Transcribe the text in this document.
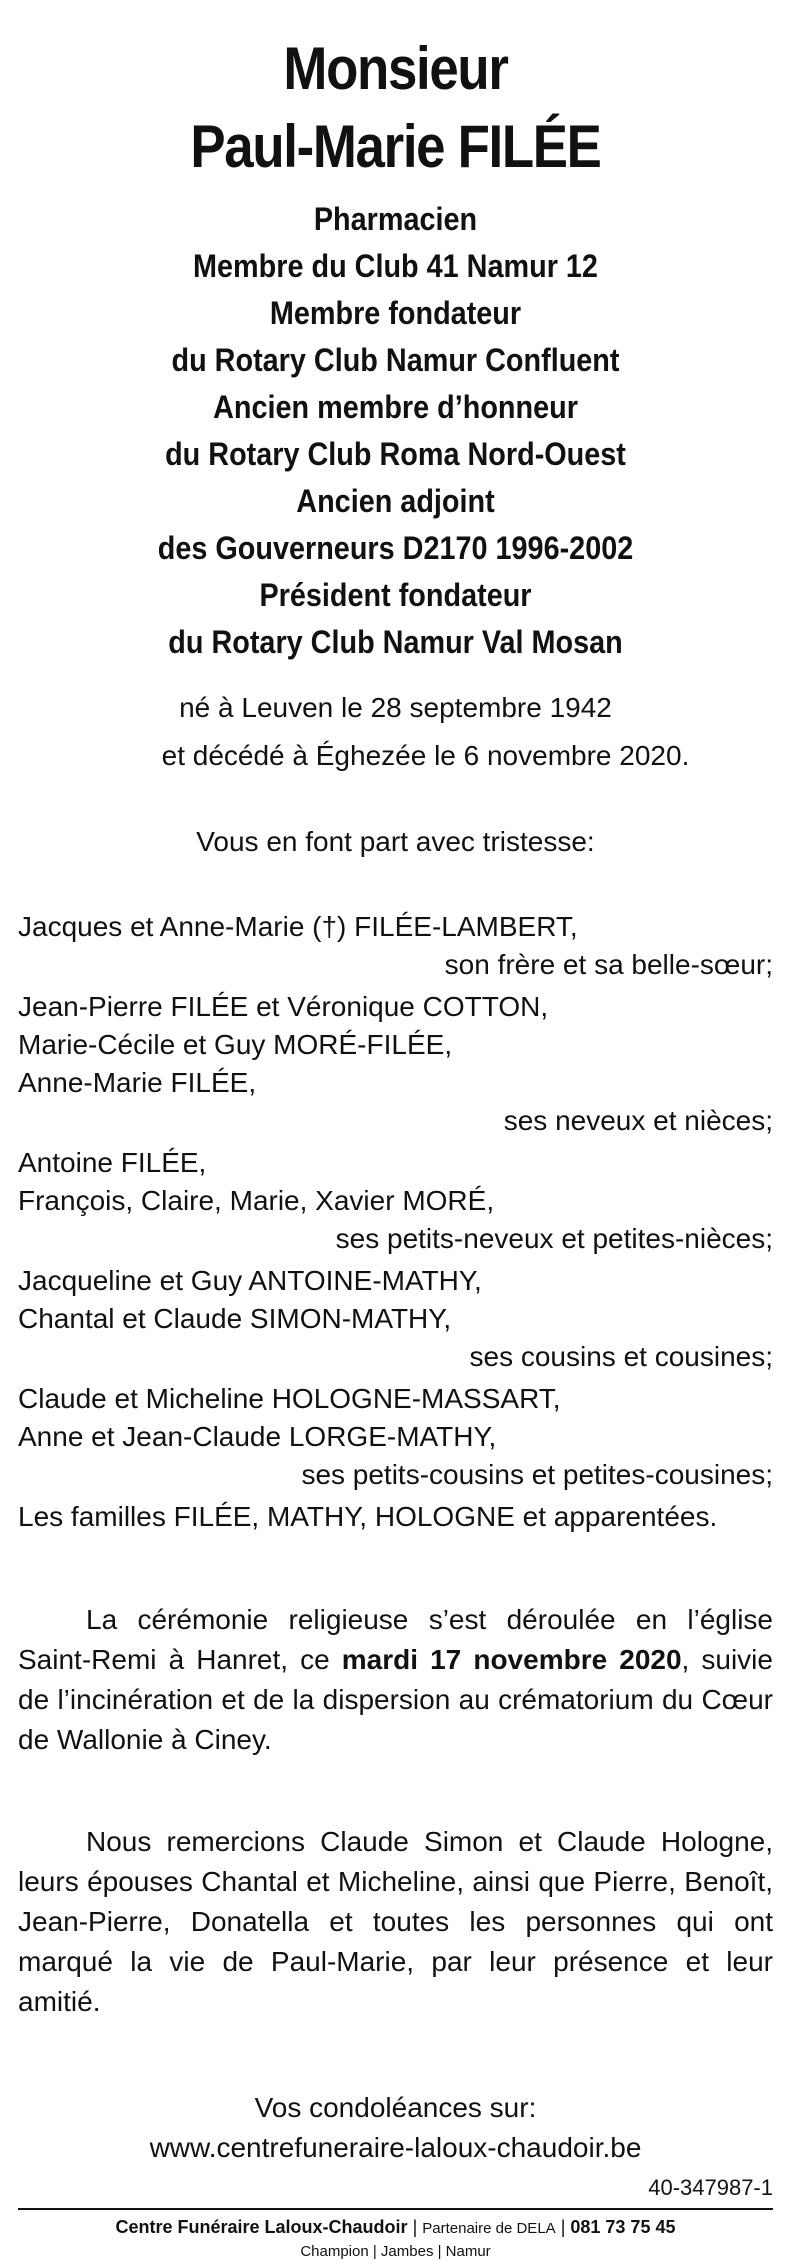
Monsieur
Paul-Marie FILÉE
Pharmacien
Membre du Club 41 Namur 12
Membre fondateur
du Rotary Club Namur Confluent
Ancien membre d’honneur
du Rotary Club Roma Nord-Ouest
Ancien adjoint
des Gouverneurs D2170 1996-2002
Président fondateur
du Rotary Club Namur Val Mosan
né à Leuven le 28 septembre 1942
et décédé à Éghezée le 6 novembre 2020.
Vous en font part avec tristesse:
Jacques et Anne-Marie (†) FILÉE-LAMBERT,
son frère et sa belle-sœur;
Jean-Pierre FILÉE et Véronique COTTON,
Marie-Cécile et Guy MORÉ-FILÉE,
Anne-Marie FILÉE,
ses neveux et nièces;
Antoine FILÉE,
François, Claire, Marie, Xavier MORÉ,
ses petits-neveux et petites-nièces;
Jacqueline et Guy ANTOINE-MATHY,
Chantal et Claude SIMON-MATHY,
ses cousins et cousines;
Claude et Micheline HOLOGNE-MASSART,
Anne et Jean-Claude LORGE-MATHY,
ses petits-cousins et petites-cousines;
Les familles FILÉE, MATHY, HOLOGNE et apparentées.

La cérémonie religieuse s’est déroulée en l’église Saint-Remi à Hanret, ce mardi 17 novembre 2020, suivie de l’incinération et de la dispersion au crématorium du Cœur de Wallonie à Ciney.

Nous remercions Claude Simon et Claude Hologne, leurs épouses Chantal et Micheline, ainsi que Pierre, Benoît, Jean-Pierre, Donatella et toutes les personnes qui ont marqué la vie de Paul-Marie, par leur présence et leur amitié.

Vos condoléances sur:
www.centrefuneraire-laloux-chaudoir.be
40-347987-1
Centre Funéraire Laloux-Chaudoir | Partenaire de DELA | 081 73 75 45
Champion | Jambes | Namur
